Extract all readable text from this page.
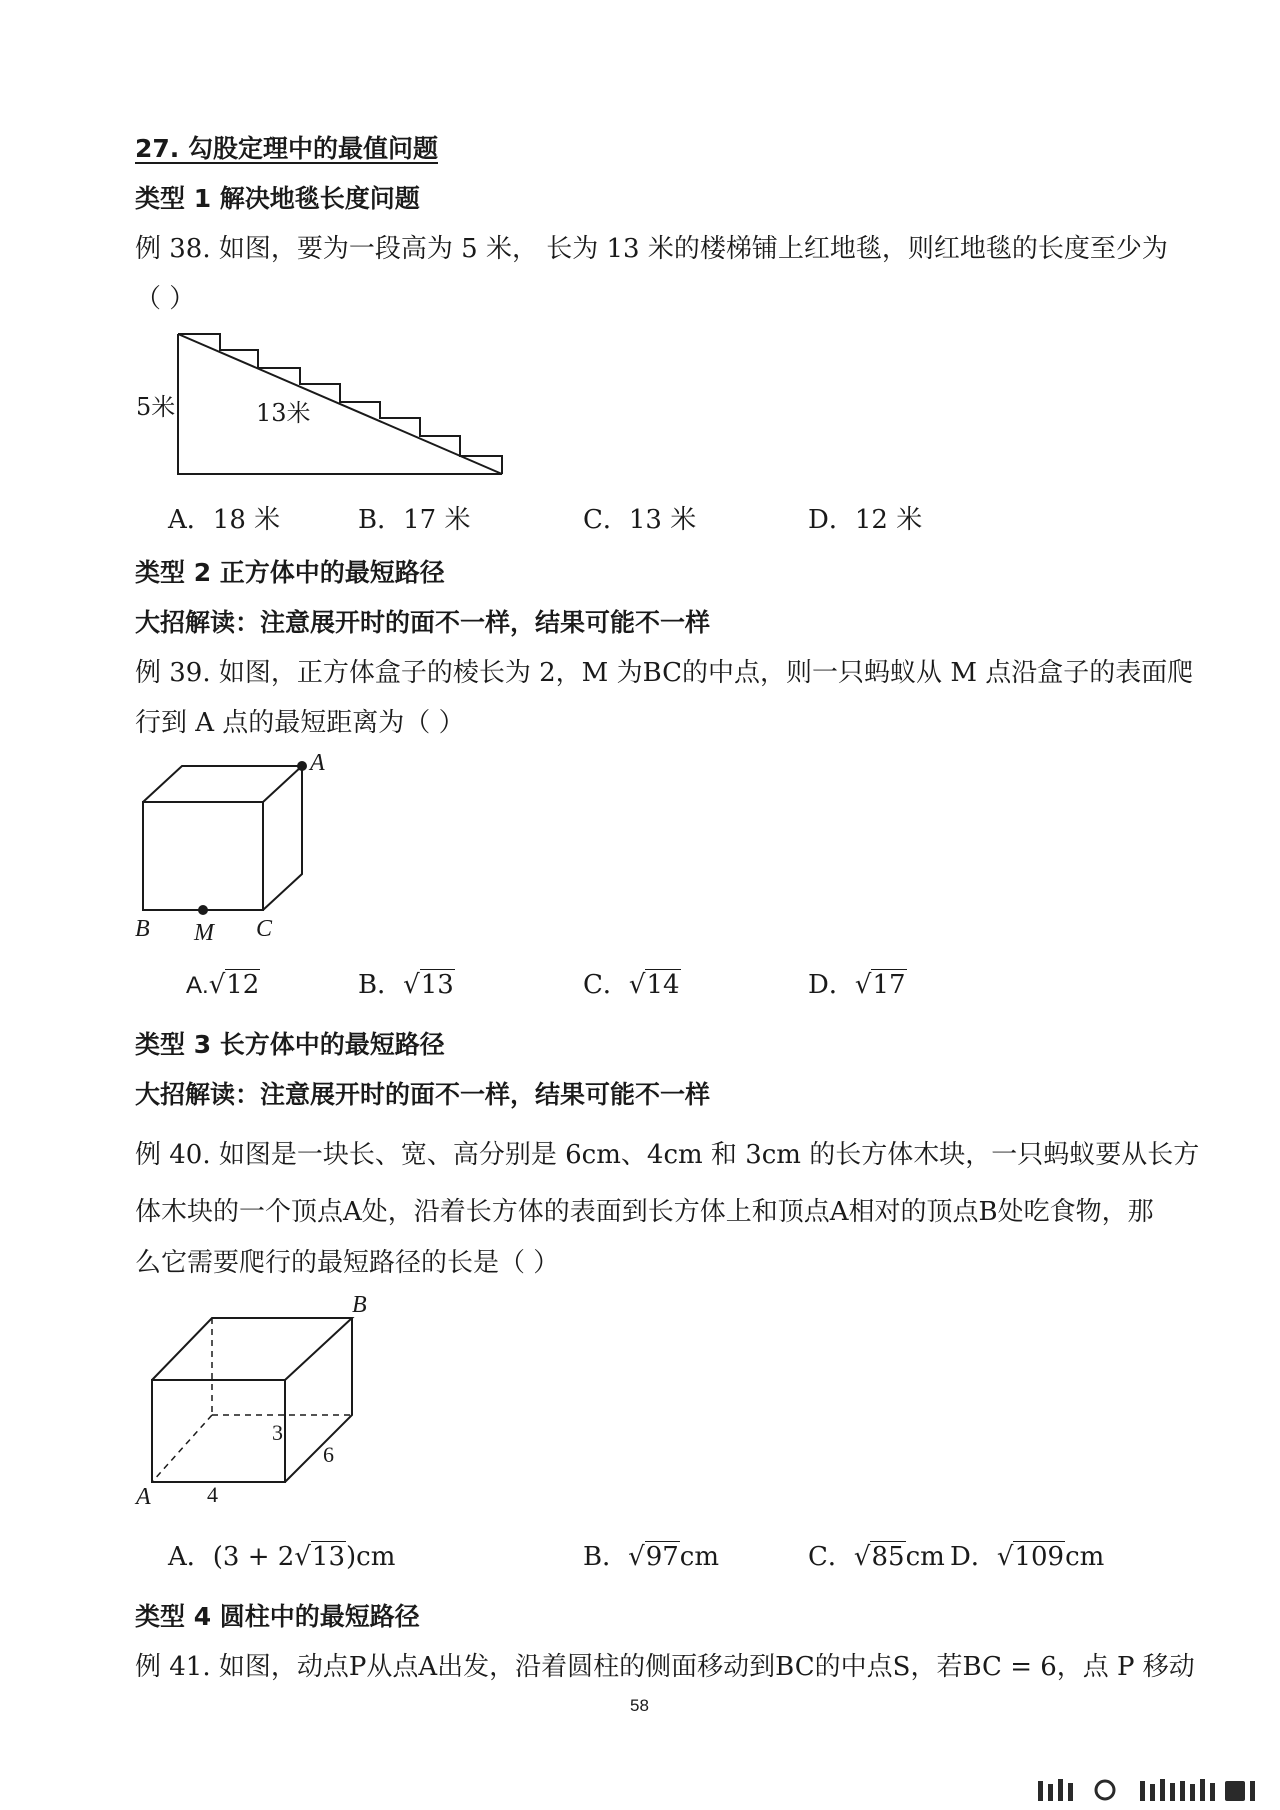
27. 勾股定理中的最值问题
类型 1 解决地毯长度问题
例 38. 如图，要为一段高为 5 米， 长为 13 米的楼梯铺上红地毯，则红地毯的长度至少为
（ ）
5米	13米
A．18 米	B．17 米	C．13 米	D．12 米
类型 2 正方体中的最短路径
大招解读：注意展开时的面不一样，结果可能不一样
例 39. 如图，正方体盒子的棱长为 2，M 为BC的中点，则一只蚂蚁从 M 点沿盒子的表面爬
行到 A 点的最短距离为（ ）
A
B M C
A.√12	B．√13	C．√14	D．√17
类型 3 长方体中的最短路径
大招解读：注意展开时的面不一样，结果可能不一样
例 40. 如图是一块长、宽、高分别是 6cm、4cm 和 3cm 的长方体木块，一只蚂蚁要从长方
体木块的一个顶点A处，沿着长方体的表面到长方体上和顶点A相对的顶点B处吃食物，那
么它需要爬行的最短路径的长是（ ）
A
B
4
3
6
A．(3 + 2√13)cm	B．√97cm	C．√85cm D．√109cm
类型 4 圆柱中的最短路径
例 41. 如图，动点P从点A出发，沿着圆柱的侧面移动到BC的中点S，若BC = 6，点 P 移动
58
